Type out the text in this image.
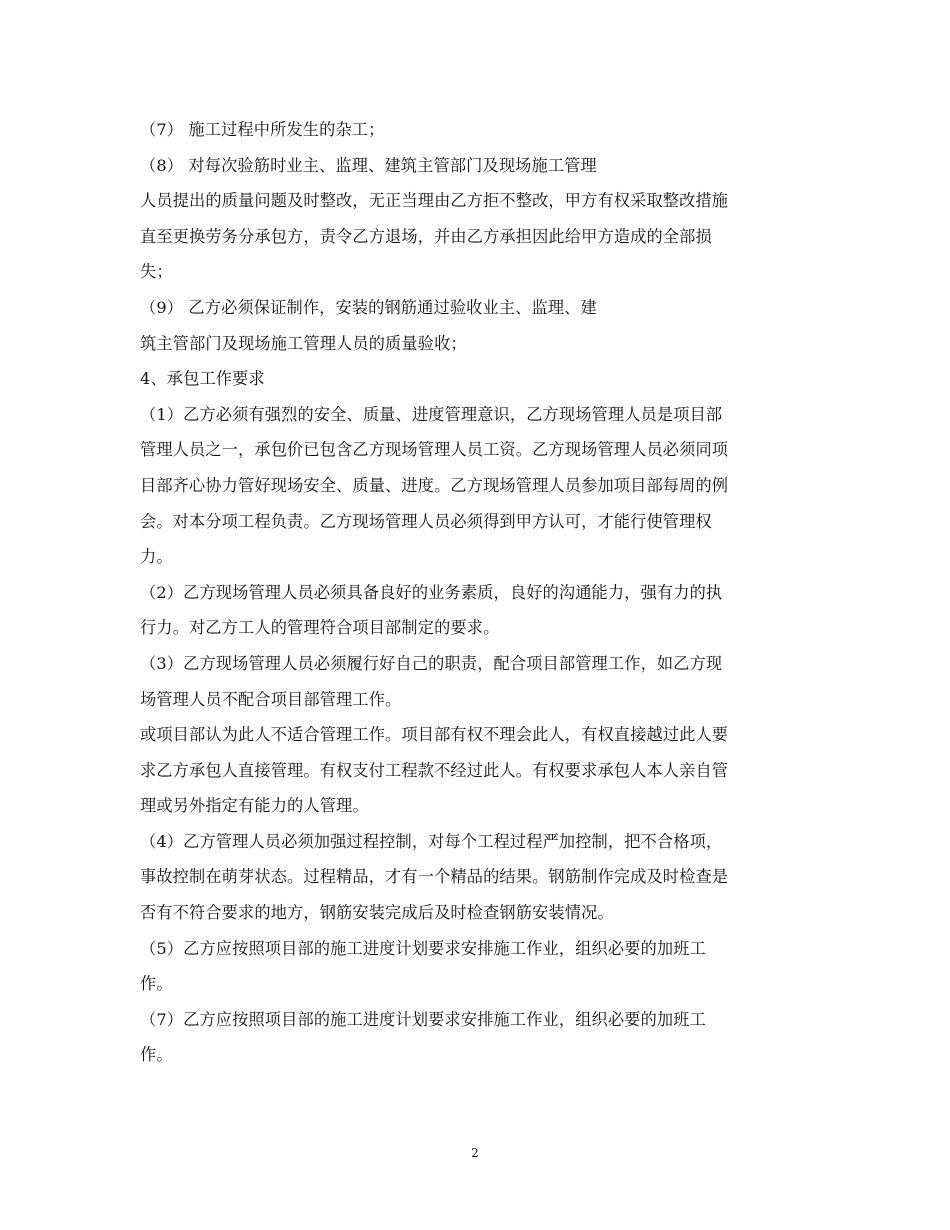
（7） 施工过程中所发生的杂工；
（8） 对每次验筋时业主、监理、建筑主管部门及现场施工管理
人员提出的质量问题及时整改，无正当理由乙方拒不整改，甲方有权采取整改措施
直至更换劳务分承包方，责令乙方退场，并由乙方承担因此给甲方造成的全部损
失；
（9） 乙方必须保证制作，安装的钢筋通过验收业主、监理、建
筑主管部门及现场施工管理人员的质量验收；
4、承包工作要求
（1）乙方必须有强烈的安全、质量、进度管理意识，乙方现场管理人员是项目部
管理人员之一，承包价已包含乙方现场管理人员工资。乙方现场管理人员必须同项
目部齐心协力管好现场安全、质量、进度。乙方现场管理人员参加项目部每周的例
会。对本分项工程负责。乙方现场管理人员必须得到甲方认可，才能行使管理权
力。
（2）乙方现场管理人员必须具备良好的业务素质，良好的沟通能力，强有力的执
行力。对乙方工人的管理符合项目部制定的要求。
（3）乙方现场管理人员必须履行好自己的职责，配合项目部管理工作，如乙方现
场管理人员不配合项目部管理工作。
或项目部认为此人不适合管理工作。项目部有权不理会此人，有权直接越过此人要
求乙方承包人直接管理。有权支付工程款不经过此人。有权要求承包人本人亲自管
理或另外指定有能力的人管理。
（4）乙方管理人员必须加强过程控制，对每个工程过程严加控制，把不合格项，
事故控制在萌芽状态。过程精品，才有一个精品的结果。钢筋制作完成及时检查是
否有不符合要求的地方，钢筋安装完成后及时检查钢筋安装情况。
（5）乙方应按照项目部的施工进度计划要求安排施工作业，组织必要的加班工
作。
（7）乙方应按照项目部的施工进度计划要求安排施工作业，组织必要的加班工
作。
2
